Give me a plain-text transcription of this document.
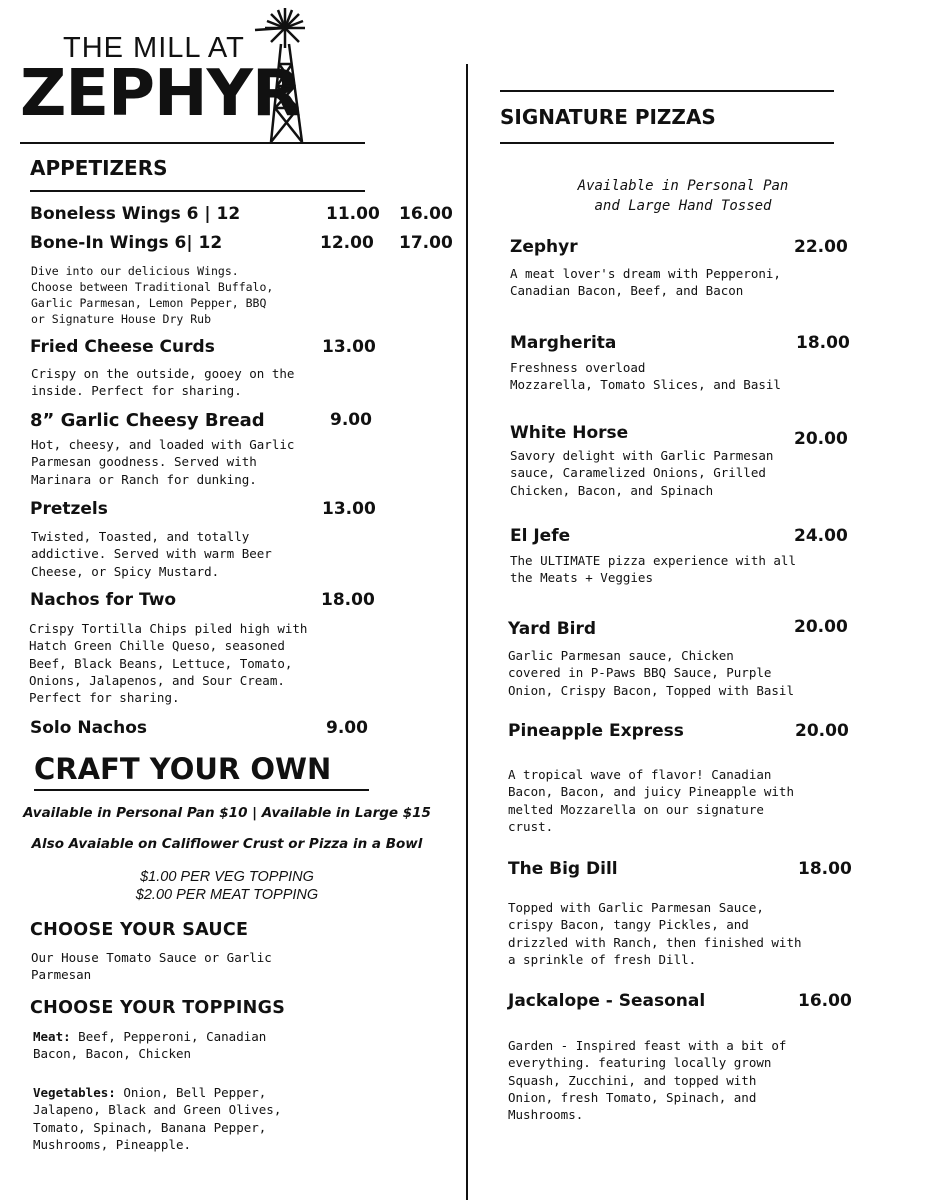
THE MILL AT
ZEPHYR
APPETIZERS
Boneless Wings 6 | 12	11.00 16.00
Bone-In Wings 6| 12	12.00 17.00
Dive into our delicious Wings.
Choose between Traditional Buffalo,
Garlic Parmesan, Lemon Pepper, BBQ
or Signature House Dry Rub
Fried Cheese Curds	13.00
Crispy on the outside, gooey on the
inside. Perfect for sharing.
8” Garlic Cheesy Bread	9.00
Hot, cheesy, and loaded with Garlic
Parmesan goodness. Served with
Marinara or Ranch for dunking.
Pretzels	13.00
Twisted, Toasted, and totally
addictive. Served with warm Beer
Cheese, or Spicy Mustard.
Nachos for Two	18.00
Crispy Tortilla Chips piled high with
Hatch Green Chille Queso, seasoned
Beef, Black Beans, Lettuce, Tomato,
Onions, Jalapenos, and Sour Cream.
Perfect for sharing.
Solo Nachos	9.00
CRAFT YOUR OWN
Available in Personal Pan $10 | Available in Large $15
Also Avaiable on Califlower Crust or Pizza in a Bowl
$1.00 PER VEG TOPPING
$2.00 PER MEAT TOPPING
CHOOSE YOUR SAUCE
Our House Tomato Sauce or Garlic
Parmesan
CHOOSE YOUR TOPPINGS
Meat: Beef, Pepperoni, Canadian
Bacon, Bacon, Chicken
Vegetables: Onion, Bell Pepper,
Jalapeno, Black and Green Olives,
Tomato, Spinach, Banana Pepper,
Mushrooms, Pineapple.
SIGNATURE PIZZAS
Available in Personal Pan
and Large Hand Tossed
Zephyr	22.00
A meat lover's dream with Pepperoni,
Canadian Bacon, Beef, and Bacon
Margherita	18.00
Freshness overload
Mozzarella, Tomato Slices, and Basil
White Horse	20.00
Savory delight with Garlic Parmesan
sauce, Caramelized Onions, Grilled
Chicken, Bacon, and Spinach
El Jefe	24.00
The ULTIMATE pizza experience with all
the Meats + Veggies
Yard Bird	20.00
Garlic Parmesan sauce, Chicken
covered in P-Paws BBQ Sauce, Purple
Onion, Crispy Bacon, Topped with Basil
Pineapple Express	20.00
A tropical wave of flavor! Canadian
Bacon, Bacon, and juicy Pineapple with
melted Mozzarella on our signature
crust.
The Big Dill	18.00
Topped with Garlic Parmesan Sauce,
crispy Bacon, tangy Pickles, and
drizzled with Ranch, then finished with
a sprinkle of fresh Dill.
Jackalope - Seasonal	16.00
Garden - Inspired feast with a bit of
everything. featuring locally grown
Squash, Zucchini, and topped with
Onion, fresh Tomato, Spinach, and
Mushrooms.
